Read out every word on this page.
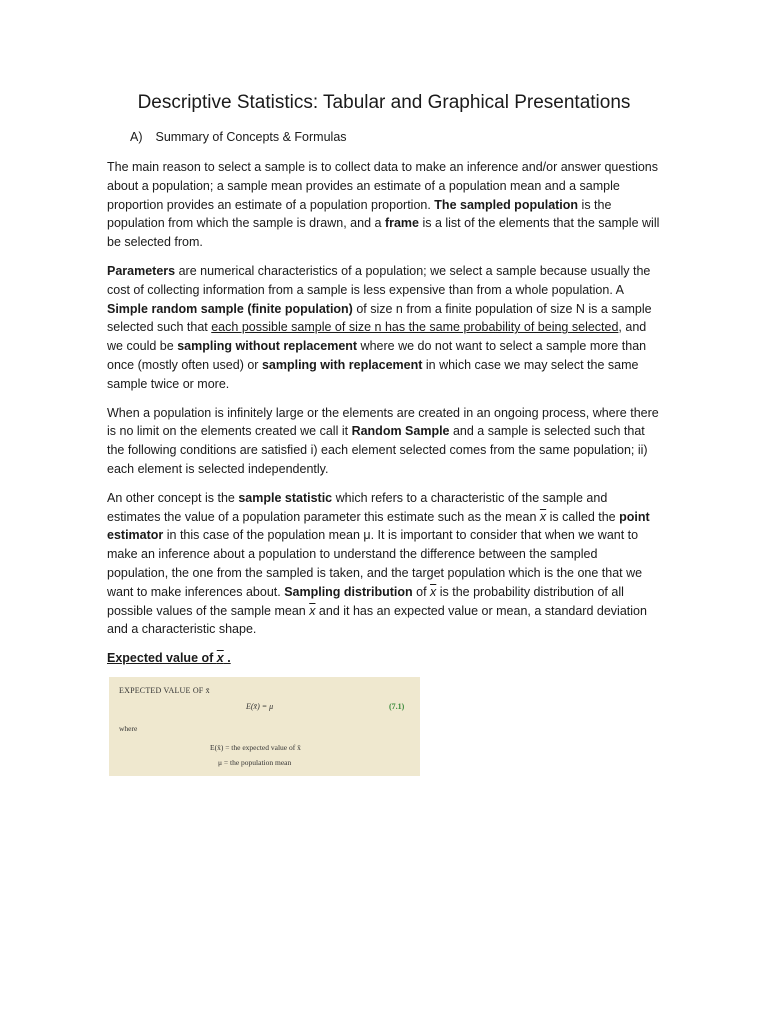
Descriptive Statistics: Tabular and Graphical Presentations
A) Summary of Concepts & Formulas

The main reason to select a sample is to collect data to make an inference and/or answer questions about a population; a sample mean provides an estimate of a population mean and a sample proportion provides an estimate of a population proportion. The sampled population is the population from which the sample is drawn, and a frame is a list of the elements that the sample will be selected from.

Parameters are numerical characteristics of a population; we select a sample because usually the cost of collecting information from a sample is less expensive than from a whole population. A Simple random sample (finite population) of size n from a finite population of size N is a sample selected such that each possible sample of size n has the same probability of being selected, and we could be sampling without replacement where we do not want to select a sample more than once (mostly often used) or sampling with replacement in which case we may select the same sample twice or more.

When a population is infinitely large or the elements are created in an ongoing process, where there is no limit on the elements created we call it Random Sample and a sample is selected such that the following conditions are satisfied i) each element selected comes from the same population; ii) each element is selected independently.

An other concept is the sample statistic which refers to a characteristic of the sample and estimates the value of a population parameter this estimate such as the mean $\overline{x}$ is called the point estimator in this case of the population mean μ. It is important to consider that when we want to make an inference about a population to understand the difference between the sampled population, the one from the sampled is taken, and the target population which is the one that we want to make inferences about. Sampling distribution of $\overline{x}$ is the probability distribution of all possible values of the sample mean $\overline{x}$ and it has an expected value or mean, a standard deviation and a characteristic shape.

Expected value of x .

EXPECTED VALUE OF x̄
E(x̄) = μ	(7.1)
where
E(x̄) = the expected value of x̄
μ = the population mean
